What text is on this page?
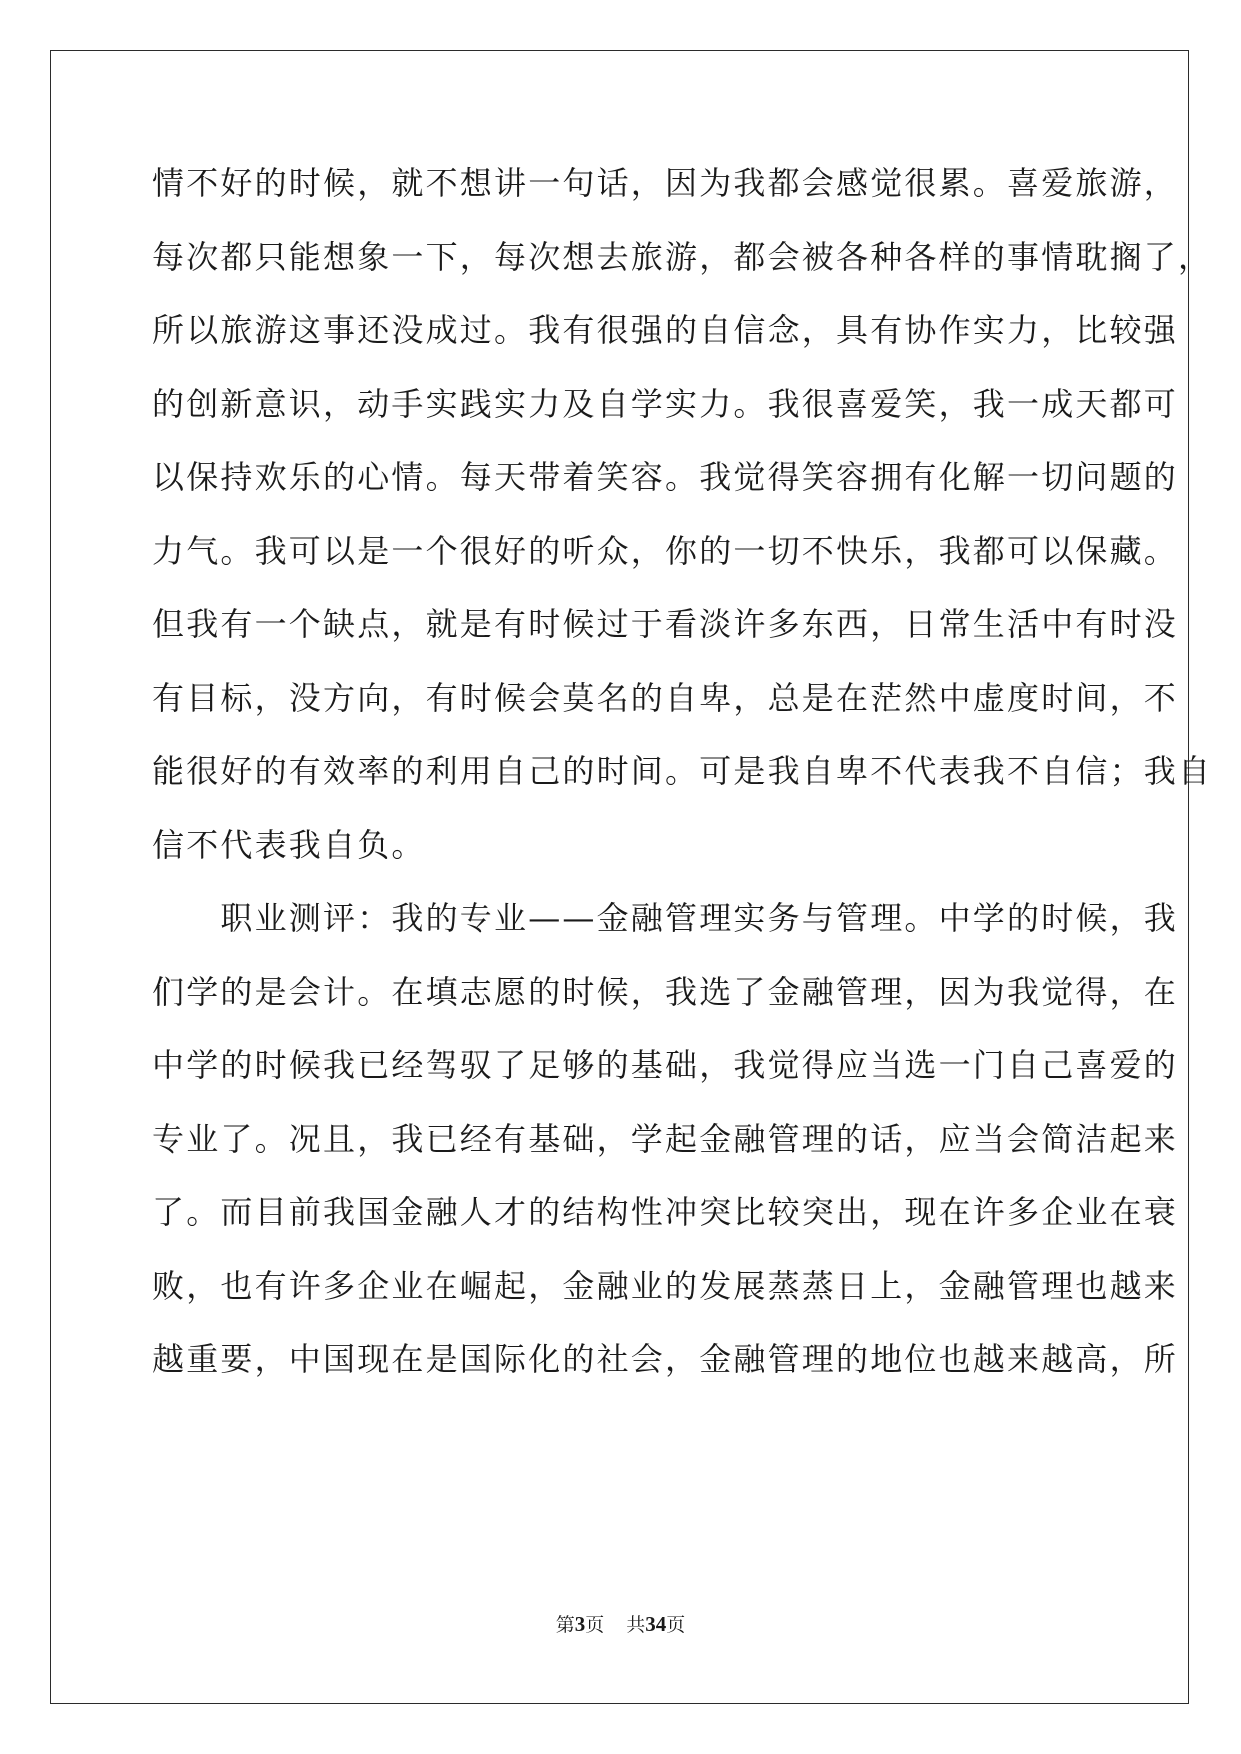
情不好的时候，就不想讲一句话，因为我都会感觉很累。喜爱旅游，

每次都只能想象一下，每次想去旅游，都会被各种各样的事情耽搁了，

所以旅游这事还没成过。我有很强的自信念，具有协作实力，比较强

的创新意识，动手实践实力及自学实力。我很喜爱笑，我一成天都可

以保持欢乐的心情。每天带着笑容。我觉得笑容拥有化解一切问题的

力气。我可以是一个很好的听众，你的一切不快乐，我都可以保藏。

但我有一个缺点，就是有时候过于看淡许多东西，日常生活中有时没

有目标，没方向，有时候会莫名的自卑，总是在茫然中虚度时间，不

能很好的有效率的利用自己的时间。可是我自卑不代表我不自信；我自

信不代表我自负。

　　职业测评：我的专业——金融管理实务与管理。中学的时候，我

们学的是会计。在填志愿的时候，我选了金融管理，因为我觉得，在

中学的时候我已经驾驭了足够的基础，我觉得应当选一门自己喜爱的

专业了。况且，我已经有基础，学起金融管理的话，应当会简洁起来

了。而目前我国金融人才的结构性冲突比较突出，现在许多企业在衰

败，也有许多企业在崛起，金融业的发展蒸蒸日上，金融管理也越来

越重要，中国现在是国际化的社会，金融管理的地位也越来越高，所

第3页 共34页
